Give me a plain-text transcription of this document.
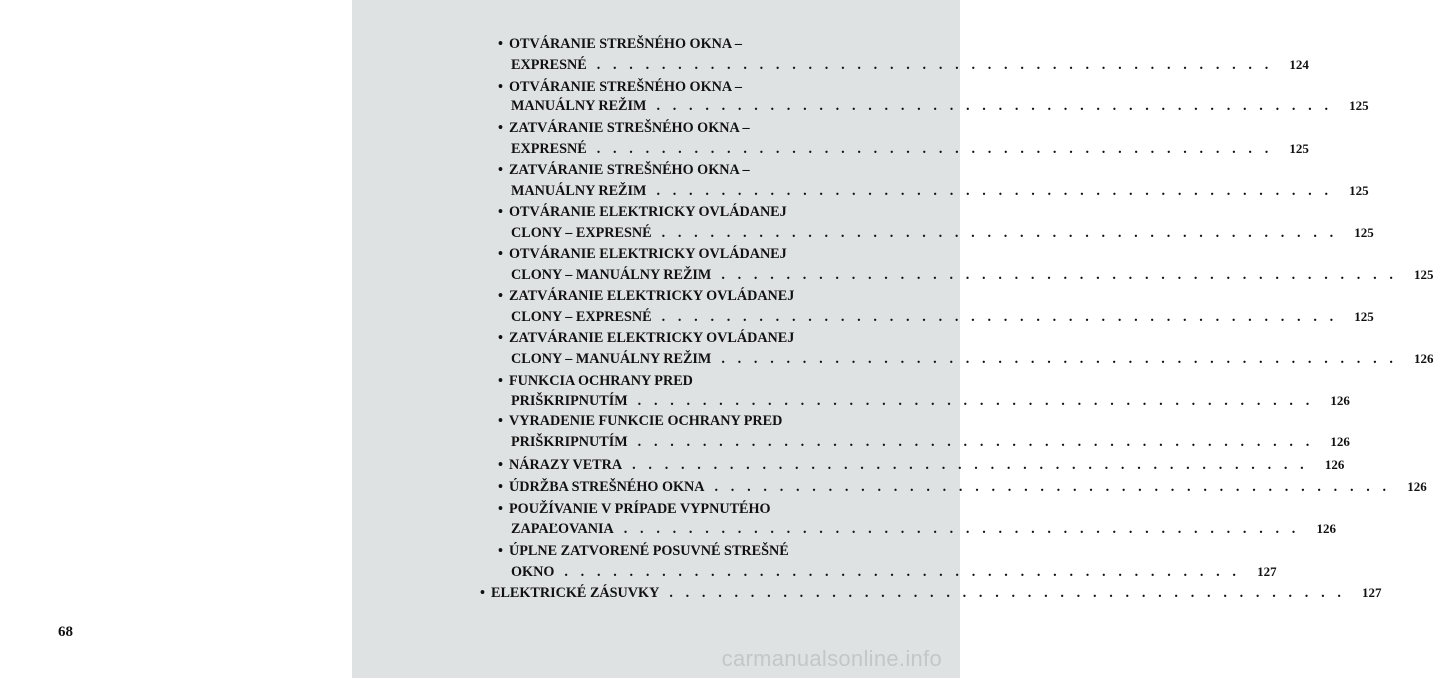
68
• OTVÁRANIE STREŠNÉHO OKNA –
EXPRESNÉ . . . . . . . . . . . . . . . . . . . . . . . . . . . . . . . . . . . . . . . . . .	124
• OTVÁRANIE STREŠNÉHO OKNA –
MANUÁLNY REŽIM . . . . . . . . . . . . . . . . . . . . . . . . . . . . . . . . . . . . . . . . . .	125
• ZATVÁRANIE STREŠNÉHO OKNA –
EXPRESNÉ . . . . . . . . . . . . . . . . . . . . . . . . . . . . . . . . . . . . . . . . . .	125
• ZATVÁRANIE STREŠNÉHO OKNA –
MANUÁLNY REŽIM . . . . . . . . . . . . . . . . . . . . . . . . . . . . . . . . . . . . . . . . . .	125
• OTVÁRANIE ELEKTRICKY OVLÁDANEJ
CLONY – EXPRESNÉ . . . . . . . . . . . . . . . . . . . . . . . . . . . . . . . . . . . . . . . . . .	125
• OTVÁRANIE ELEKTRICKY OVLÁDANEJ
CLONY – MANUÁLNY REŽIM . . . . . . . . . . . . . . . . . . . . . . . . . . . . . . . . . . . . . . . . . .	125
• ZATVÁRANIE ELEKTRICKY OVLÁDANEJ
CLONY – EXPRESNÉ . . . . . . . . . . . . . . . . . . . . . . . . . . . . . . . . . . . . . . . . . .	125
• ZATVÁRANIE ELEKTRICKY OVLÁDANEJ
CLONY – MANUÁLNY REŽIM . . . . . . . . . . . . . . . . . . . . . . . . . . . . . . . . . . . . . . . . . .	126
• FUNKCIA OCHRANY PRED
PRIŠKRIPNUTÍM . . . . . . . . . . . . . . . . . . . . . . . . . . . . . . . . . . . . . . . . . .	126
• VYRADENIE FUNKCIE OCHRANY PRED
PRIŠKRIPNUTÍM . . . . . . . . . . . . . . . . . . . . . . . . . . . . . . . . . . . . . . . . . .	126
• NÁRAZY VETRA . . . . . . . . . . . . . . . . . . . . . . . . . . . . . . . . . . . . . . . . . .	126
• ÚDRŽBA STREŠNÉHO OKNA . . . . . . . . . . . . . . . . . . . . . . . . . . . . . . . . . . . . . . . . . .	126
• POUŽÍVANIE V PRÍPADE VYPNUTÉHO
ZAPAĽOVANIA . . . . . . . . . . . . . . . . . . . . . . . . . . . . . . . . . . . . . . . . . .	126
• ÚPLNE ZATVORENÉ POSUVNÉ STREŠNÉ
OKNO . . . . . . . . . . . . . . . . . . . . . . . . . . . . . . . . . . . . . . . . . .	127
• ELEKTRICKÉ ZÁSUVKY . . . . . . . . . . . . . . . . . . . . . . . . . . . . . . . . . . . . . . . . . .	127
carmanualsonline.info
